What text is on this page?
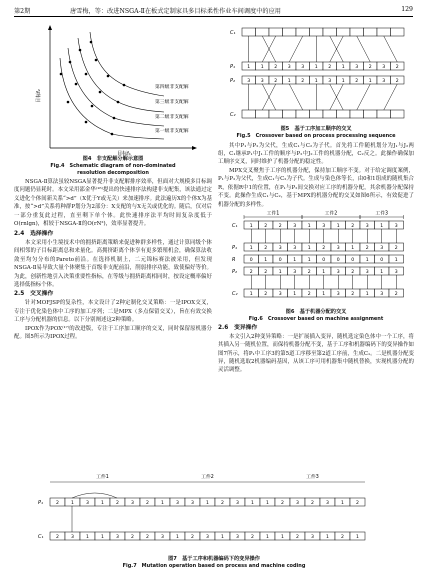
第2期	唐雪梅，等：改进NSGA-Ⅱ在板式定制家具多目标柔性作业车间调度中的应用	129
目标f₂
目标f₁
第四级非支配解
第三级非支配解
第二级非支配解
第一级非支配解
图4　非支配解分解示意图
Fig.4　Schematic diagram of non-dominated
resolution decomposition

NSGA-Ⅱ算法虽较NSGA显著提升非支配解排序效率，但面对大规模多目标调度问题仍显耗时。本文采用邵金华⁽¹⁶⁾提出的快速排序法构建非支配集，该法通过定义进化个体间新关系“>d”（X优于Y或无关）来加速排序。此法遍历X的个体X为基准，按“>d”关系将种群P划分为2部分：X支配的与X无关或优化的。随后，仅对后一部分重复此过程，直至剩下单个体。此快速排序法平均时间复杂度低于O(rnlgn)，相较于NSGA-Ⅱ的O(rN²)，效率显著提升。

2.4　选择操作

本文采用小生境技术中的拥挤距离策略来促进种群多样性，通过计算同级个体间相邻的子目标距离总和来量化。高拥挤距离个体享有更多繁殖机会，确保算法收敛至均匀分布的Pareto前沿。在选择机制上，二元锦标赛法被采用，但发现NSGA-Ⅱ易导致大量个体聚集于首级非支配前沿，削弱排序功能，致使偏好等价。为此，创新性地引入决策重要性指标，在等级与拥挤距离相同时，按设定概率偏好选择低指标个体。

2.5　交叉操作

针对MOFJSP的复杂性，本文设计了2种定制化交叉策略：一是IPOX交叉，专注于优化染色体中工序的加工序列；二是MPX（多点保留交叉），旨在有效交换工序与分配机器的信息。以下分别阐述这2种策略。

IPOX作为POX⁽¹⁷⁾的改进版，专注于工序加工顺序的交叉，同时保留原机器分配。图5所示为IPOX过程。

C₁
P₁	1 1 2 3 3 1 2 1 3 2 3 2
P₂	3 3 2 1 2 1 3 1 2 1 3 2
C₂
图5　基于工序加工顺序的交叉
Fig.5　Crossover based on process processing sequence

其中P₁与P₂为父代，生成C₁与C₂为子代。首先将工件随机划分为J₁与J₂两组，C₁继承P₁中J₁工件的顺序与P₂中J₂工件的机器分配，C₂反之。此操作确保加工顺序交叉，同时维护了机器分配的稳定性。

MPX交叉聚焦于工序的机器分配，保持加工顺序不变。对于给定调度案例，P₁与P₂为父代，生成C₁与C₂为子代。生成与染色体等长，由0和1组成的随机集合R，依据R中1的位置，在P₁与P₂间交换对应工序的机器分配，其余机器分配保持不变。此操作生成C₁与C₂，基于MPX的机器分配的交叉如图6所示，有效促进了机器分配的多样性。

工件1	工件2	工件3
C₁	1	2	2	3	1	3	1	2	3	1	3
P₁	1	2	3	3	1	2	3	1	2	3	2
R	0	1	0	1	1	0	0	0	1	0	1
P₂	2	2	1	3	2	1	3	2	3	1	3
C₂	1	2	3	1	2	1	3	2	1	3	2
图6　基于机器分配的交叉
Fig.6　Crossover based on machine assignment
2.6　变异操作

本文引入2种变异策略：一是扩展插入变异，随机选定染色体中一个工序，将其插入另一随机位置，而保持机器分配不变，基于工序和机器编码下的变异操作如图7所示，将P₁中工序3的第5道工序移至第2道工序前，生成C₁。二是机器分配变异，随机选取2机器编码基因，从该工序可用机器集中随机替换，实现机器分配的灵活调整。

工件1	工件2	工件3
P₁	2	1	3	1	2	3	2	1	3	3	1	2	3	1	1	2	3	2	3	1	2
C₁	2	3	1	1	3	2	2	3	1	2	3	1	3	2	1	1	2	3	1	2	1
图7　基于工序和机器编码下的变异操作
Fig.7　Mutation operation based on process and machine coding
